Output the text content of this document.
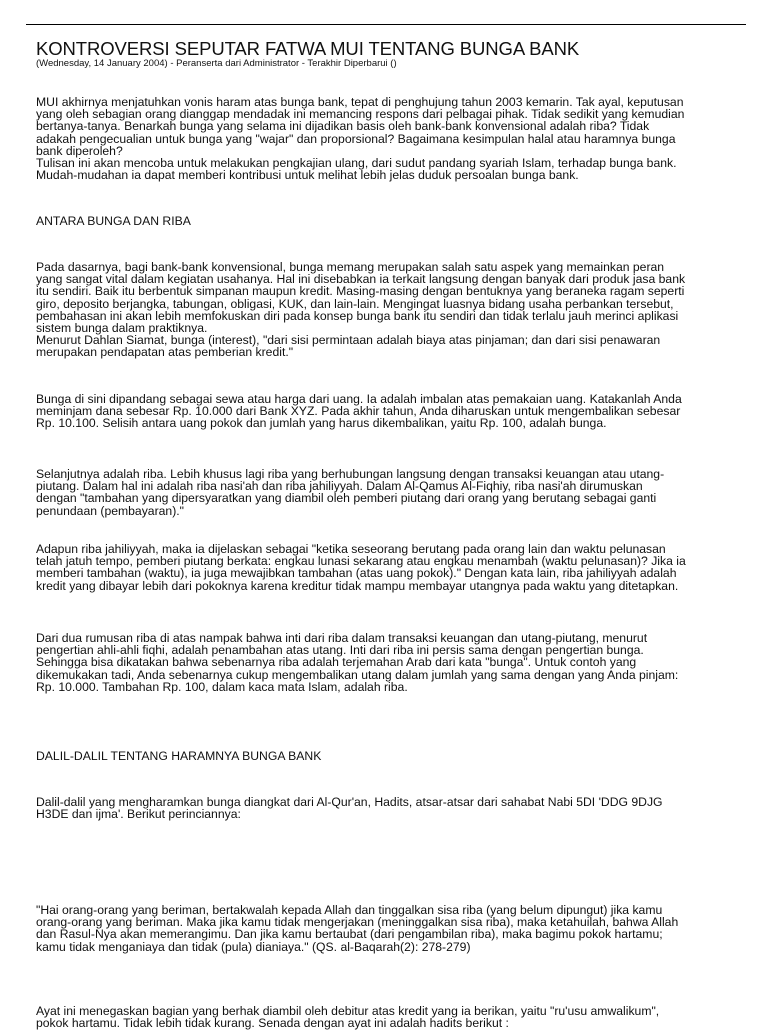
KONTROVERSI SEPUTAR FATWA MUI TENTANG BUNGA BANK
(Wednesday, 14 January 2004) - Peranserta dari Administrator - Terakhir Diperbarui ()

MUI akhirnya menjatuhkan vonis haram atas bunga bank, tepat di penghujung tahun 2003 kemarin. Tak ayal, keputusan
yang oleh sebagian orang dianggap mendadak ini memancing respons dari pelbagai pihak. Tidak sedikit yang kemudian
bertanya-tanya. Benarkah bunga yang selama ini dijadikan basis oleh bank-bank konvensional adalah riba? Tidak
adakah pengecualian untuk bunga yang "wajar" dan proporsional? Bagaimana kesimpulan halal atau haramnya bunga
bank diperoleh?
Tulisan ini akan mencoba untuk melakukan pengkajian ulang, dari sudut pandang syariah Islam, terhadap bunga bank.
Mudah-mudahan ia dapat memberi kontribusi untuk melihat lebih jelas duduk persoalan bunga bank.

ANTARA BUNGA DAN RIBA

Pada dasarnya, bagi bank-bank konvensional, bunga memang merupakan salah satu aspek yang memainkan peran
yang sangat vital dalam kegiatan usahanya. Hal ini disebabkan ia terkait langsung dengan banyak dari produk jasa bank
itu sendiri. Baik itu berbentuk simpanan maupun kredit. Masing-masing dengan bentuknya yang beraneka ragam seperti
giro, deposito berjangka, tabungan, obligasi, KUK, dan lain-lain. Mengingat luasnya bidang usaha perbankan tersebut,
pembahasan ini akan lebih memfokuskan diri pada konsep bunga bank itu sendiri dan tidak terlalu jauh merinci aplikasi
sistem bunga dalam praktiknya.
Menurut Dahlan Siamat, bunga (interest), "dari sisi permintaan adalah biaya atas pinjaman; dan dari sisi penawaran
merupakan pendapatan atas pemberian kredit."

Bunga di sini dipandang sebagai sewa atau harga dari uang. Ia adalah imbalan atas pemakaian uang. Katakanlah Anda
meminjam dana sebesar Rp. 10.000 dari Bank XYZ. Pada akhir tahun, Anda diharuskan untuk mengembalikan sebesar
Rp. 10.100. Selisih antara uang pokok dan jumlah yang harus dikembalikan, yaitu Rp. 100, adalah bunga.

Selanjutnya adalah riba. Lebih khusus lagi riba yang berhubungan langsung dengan transaksi keuangan atau utang-
piutang. Dalam hal ini adalah riba nasi'ah dan riba jahiliyyah. Dalam Al-Qamus Al-Fiqhiy, riba nasi'ah dirumuskan
dengan "tambahan yang dipersyaratkan yang diambil oleh pemberi piutang dari orang yang berutang sebagai ganti
penundaan (pembayaran)."

Adapun riba jahiliyyah, maka ia dijelaskan sebagai "ketika seseorang berutang pada orang lain dan waktu pelunasan
telah jatuh tempo, pemberi piutang berkata: engkau lunasi sekarang atau engkau menambah (waktu pelunasan)? Jika ia
memberi tambahan (waktu), ia juga mewajibkan tambahan (atas uang pokok)." Dengan kata lain, riba jahiliyyah adalah
kredit yang dibayar lebih dari pokoknya karena kreditur tidak mampu membayar utangnya pada waktu yang ditetapkan.

Dari dua rumusan riba di atas nampak bahwa inti dari riba dalam transaksi keuangan dan utang-piutang, menurut
pengertian ahli-ahli fiqhi, adalah penambahan atas utang. Inti dari riba ini persis sama dengan pengertian bunga.
Sehingga bisa dikatakan bahwa sebenarnya riba adalah terjemahan Arab dari kata "bunga". Untuk contoh yang
dikemukakan tadi, Anda sebenarnya cukup mengembalikan utang dalam jumlah yang sama dengan yang Anda pinjam:
Rp. 10.000. Tambahan Rp. 100, dalam kaca mata Islam, adalah riba.

DALIL-DALIL TENTANG HARAMNYA BUNGA BANK

Dalil-dalil yang mengharamkan bunga diangkat dari Al-Qur'an, Hadits, atsar-atsar dari sahabat Nabi 5DI 'DDG 9DJG
H3DE dan ijma'. Berikut perinciannya:

"Hai orang-orang yang beriman, bertakwalah kepada Allah dan tinggalkan sisa riba (yang belum dipungut) jika kamu
orang-orang yang beriman. Maka jika kamu tidak mengerjakan (meninggalkan sisa riba), maka ketahuilah, bahwa Allah
dan Rasul-Nya akan memerangimu. Dan jika kamu bertaubat (dari pengambilan riba), maka bagimu pokok hartamu;
kamu tidak menganiaya dan tidak (pula) dianiaya." (QS. al-Baqarah(2): 278-279)

Ayat ini menegaskan bagian yang berhak diambil oleh debitur atas kredit yang ia berikan, yaitu "ru'usu amwalikum",
pokok hartamu. Tidak lebih tidak kurang. Senada dengan ayat ini adalah hadits berikut :
